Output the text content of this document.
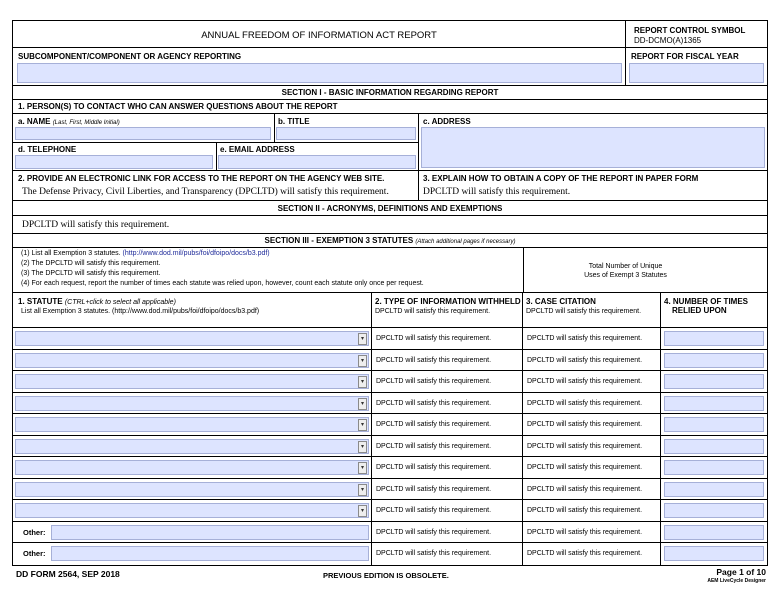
ANNUAL FREEDOM OF INFORMATION ACT REPORT	REPORT CONTROL SYMBOL
DD-DCMO(A)1365
SUBCOMPONENT/COMPONENT OR AGENCY REPORTING	REPORT FOR FISCAL YEAR
SECTION I - BASIC INFORMATION REGARDING REPORT
1. PERSON(S) TO CONTACT WHO CAN ANSWER QUESTIONS ABOUT THE REPORT
a. NAME (Last, First, Middle Initial)	b. TITLE
d. TELEPHONE	e. EMAIL ADDRESS
c. ADDRESS
2. PROVIDE AN ELECTRONIC LINK FOR ACCESS TO THE REPORT ON THE AGENCY WEB SITE.
The Defense Privacy, Civil Liberties, and Transparency (DPCLTD) will satisfy this requirement.
3. EXPLAIN HOW TO OBTAIN A COPY OF THE REPORT IN PAPER FORM
DPCLTD will satisfy this requirement.
SECTION II - ACRONYMS, DEFINITIONS AND EXEMPTIONS
DPCLTD will satisfy this requirement.
SECTION III - EXEMPTION 3 STATUTES (Attach additional pages if necessary)
(1) List all Exemption 3 statutes. (http://www.dod.mil/pubs/foi/dfoipo/docs/b3.pdf)
(2) The DPCLTD will satisfy this requirement.
(3) The DPCLTD will satisfy this requirement.
(4) For each request, report the number of times each statute was relied upon, however, count each statute only once per request.
Total Number of Unique
Uses of Exempt 3 Statutes
1. STATUTE (CTRL+click to select all applicable)
List all Exemption 3 statutes. (http://www.dod.mil/pubs/foi/dfoipo/docs/b3.pdf)
2. TYPE OF INFORMATION WITHHELD
DPCLTD will satisfy this requirement.
3. CASE CITATION
DPCLTD will satisfy this requirement.
4. NUMBER OF TIMES
RELIED UPON
▾	DPCLTD will satisfy this requirement.	DPCLTD will satisfy this requirement.
▾	DPCLTD will satisfy this requirement.	DPCLTD will satisfy this requirement.
▾	DPCLTD will satisfy this requirement.	DPCLTD will satisfy this requirement.
▾	DPCLTD will satisfy this requirement.	DPCLTD will satisfy this requirement.
▾	DPCLTD will satisfy this requirement.	DPCLTD will satisfy this requirement.
▾	DPCLTD will satisfy this requirement.	DPCLTD will satisfy this requirement.
▾	DPCLTD will satisfy this requirement.	DPCLTD will satisfy this requirement.
▾	DPCLTD will satisfy this requirement.	DPCLTD will satisfy this requirement.
▾	DPCLTD will satisfy this requirement.	DPCLTD will satisfy this requirement.
Other:	DPCLTD will satisfy this requirement.	DPCLTD will satisfy this requirement.
Other:	DPCLTD will satisfy this requirement.	DPCLTD will satisfy this requirement.
DD FORM 2564, SEP 2018	PREVIOUS EDITION IS OBSOLETE.	Page 1 of 10
AEM LiveCycle Designer
